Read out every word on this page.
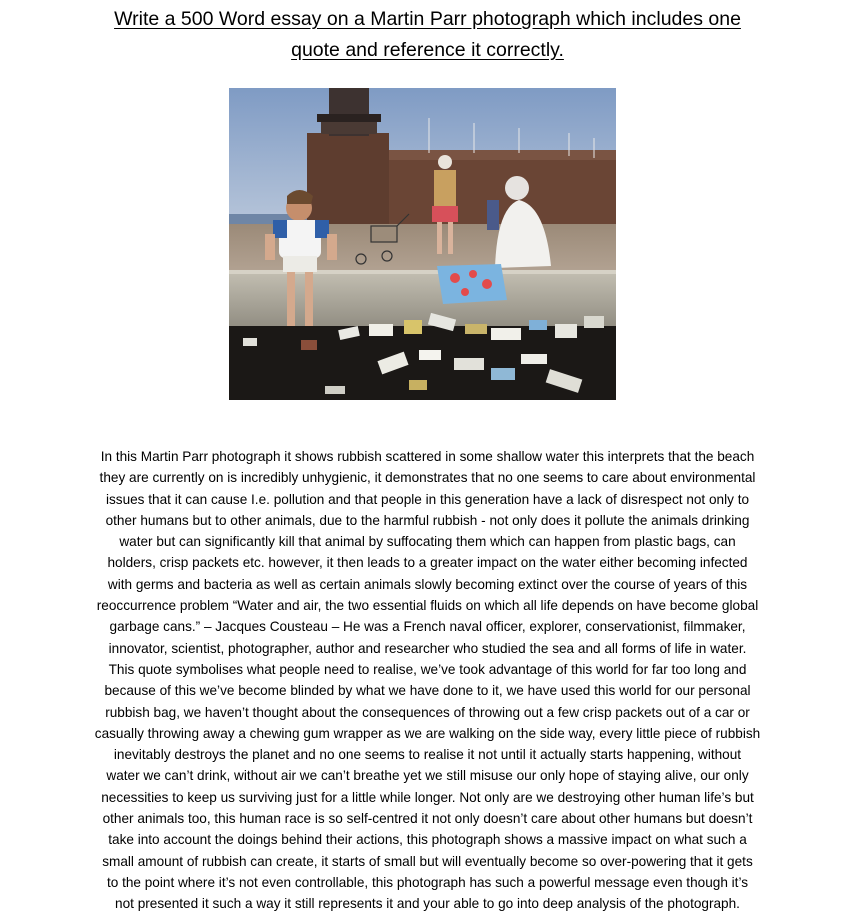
Write a 500 Word essay on a Martin Parr photograph which includes one
quote and reference it correctly.
In this Martin Parr photograph it shows rubbish scattered in some shallow water this interprets that the beach
they are currently on is incredibly unhygienic, it demonstrates that no one seems to care about environmental
issues that it can cause I.e. pollution and that people in this generation have a lack of disrespect not only to
other humans but to other animals, due to the harmful rubbish - not only does it pollute the animals drinking
water but can significantly kill that animal by suffocating them which can happen from plastic bags, can
holders, crisp packets etc. however, it then leads to a greater impact on the water either becoming infected
with germs and bacteria as well as certain animals slowly becoming extinct over the course of years of this
reoccurrence problem “Water and air, the two essential fluids on which all life depends on have become global
garbage cans.” – Jacques Cousteau – He was a French naval officer, explorer, conservationist, filmmaker,
innovator, scientist, photographer, author and researcher who studied the sea and all forms of life in water.
This quote symbolises what people need to realise, we’ve took advantage of this world for far too long and
because of this we’ve become blinded by what we have done to it, we have used this world for our personal
rubbish bag, we haven’t thought about the consequences of throwing out a few crisp packets out of a car or
casually throwing away a chewing gum wrapper as we are walking on the side way, every little piece of rubbish
inevitably destroys the planet and no one seems to realise it not until it actually starts happening, without
water we can’t drink, without air we can’t breathe yet we still misuse our only hope of staying alive, our only
necessities to keep us surviving just for a little while longer. Not only are we destroying other human life’s but
other animals too, this human race is so self-centred it not only doesn’t care about other humans but doesn’t
take into account the doings behind their actions, this photograph shows a massive impact on what such a
small amount of rubbish can create, it starts of small but will eventually become so over-powering that it gets
to the point where it’s not even controllable, this photograph has such a powerful message even though it’s
not presented it such a way it still represents it and your able to go into deep analysis of the photograph.
